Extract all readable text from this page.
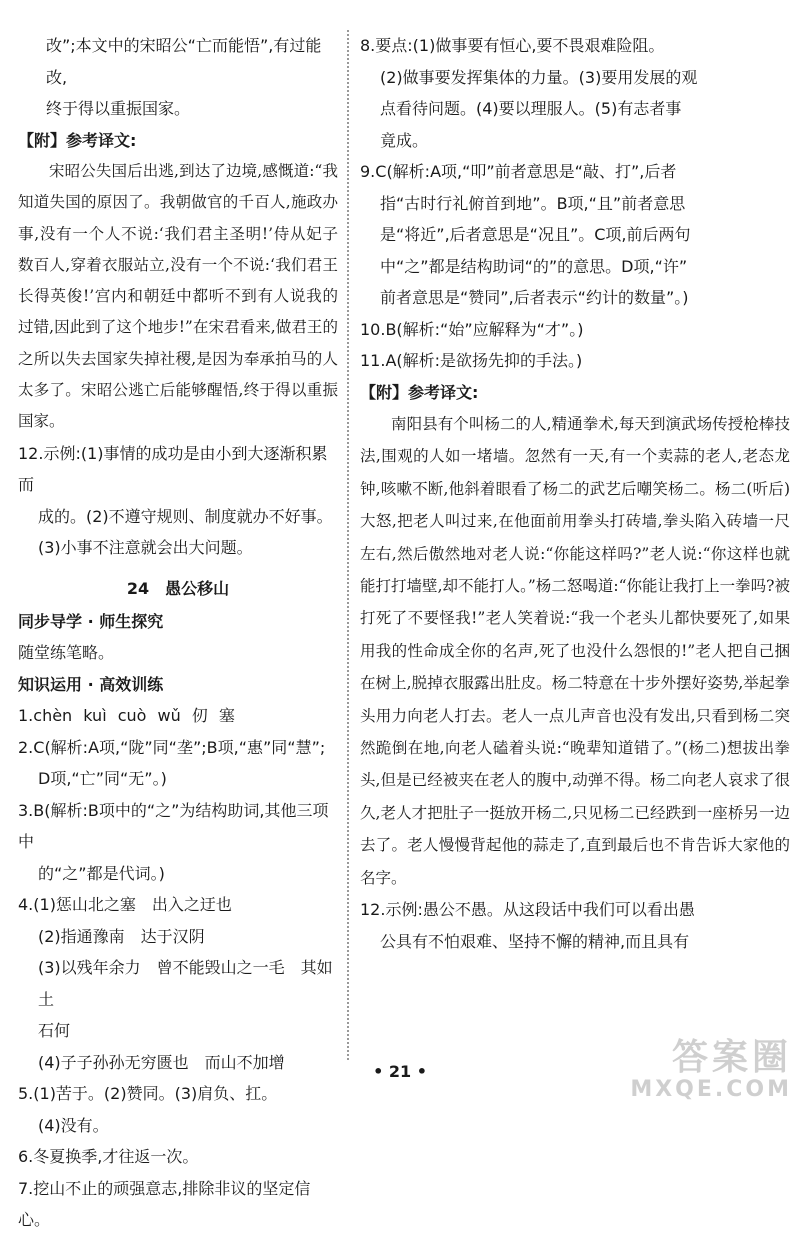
改”;本文中的宋昭公“亡而能悟”,有过能改,

终于得以重振国家。

【附】参考译文:

宋昭公失国后出逃,到达了边境,感慨道:“我知道失国的原因了。我朝做官的千百人,施政办事,没有一个人不说:‘我们君主圣明!’侍从妃子数百人,穿着衣服站立,没有一个不说:‘我们君王长得英俊!’宫内和朝廷中都听不到有人说我的过错,因此到了这个地步!”在宋君看来,做君王的之所以失去国家失掉社稷,是因为奉承拍马的人太多了。宋昭公逃亡后能够醒悟,终于得以重振国家。

12.示例:(1)事情的成功是由小到大逐渐积累而

成的。(2)不遵守规则、制度就办不好事。

(3)小事不注意就会出大问题。

24　愚公移山

同步导学 · 师生探究

随堂练笔略。

知识运用 · 高效训练

1.chèn kuì cuò wǔ 仞 塞

2.C(解析:A项,“陇”同“垄”;B项,“惠”同“慧”;

D项,“亡”同“无”。)

3.B(解析:B项中的“之”为结构助词,其他三项中

的“之”都是代词。)

4.(1)惩山北之塞　出入之迂也

(2)指通豫南　达于汉阴

(3)以残年余力　曾不能毁山之一毛　其如土

石何

(4)子子孙孙无穷匮也　而山不加增

5.(1)苦于。(2)赞同。(3)肩负、扛。

(4)没有。

6.冬夏换季,才往返一次。

7.挖山不止的顽强意志,排除非议的坚定信心。

8.要点:(1)做事要有恒心,要不畏艰难险阻。

(2)做事要发挥集体的力量。(3)要用发展的观

点看待问题。(4)要以理服人。(5)有志者事

竟成。

9.C(解析:A项,“叩”前者意思是“敲、打”,后者

指“古时行礼俯首到地”。B项,“且”前者意思

是“将近”,后者意思是“况且”。C项,前后两句

中“之”都是结构助词“的”的意思。D项,“许”

前者意思是“赞同”,后者表示“约计的数量”。)

10.B(解析:“始”应解释为“才”。)

11.A(解析:是欲扬先抑的手法。)

【附】参考译文:

南阳县有个叫杨二的人,精通拳术,每天到演武场传授枪棒技法,围观的人如一堵墙。忽然有一天,有一个卖蒜的老人,老态龙钟,咳嗽不断,他斜着眼看了杨二的武艺后嘲笑杨二。杨二(听后)大怒,把老人叫过来,在他面前用拳头打砖墙,拳头陷入砖墙一尺左右,然后傲然地对老人说:“你能这样吗?”老人说:“你这样也就能打打墙壁,却不能打人。”杨二怒喝道:“你能让我打上一拳吗?被打死了不要怪我!”老人笑着说:“我一个老头儿都快要死了,如果用我的性命成全你的名声,死了也没什么怨恨的!”老人把自己捆在树上,脱掉衣服露出肚皮。杨二特意在十步外摆好姿势,举起拳头用力向老人打去。老人一点儿声音也没有发出,只看到杨二突然跪倒在地,向老人磕着头说:“晚辈知道错了。”(杨二)想拔出拳头,但是已经被夹在老人的腹中,动弹不得。杨二向老人哀求了很久,老人才把肚子一挺放开杨二,只见杨二已经跌到一座桥另一边去了。老人慢慢背起他的蒜走了,直到最后也不肯告诉大家他的名字。

12.示例:愚公不愚。从这段话中我们可以看出愚

公具有不怕艰难、坚持不懈的精神,而且具有

• 21 •	答案圈
MXQE.COM
